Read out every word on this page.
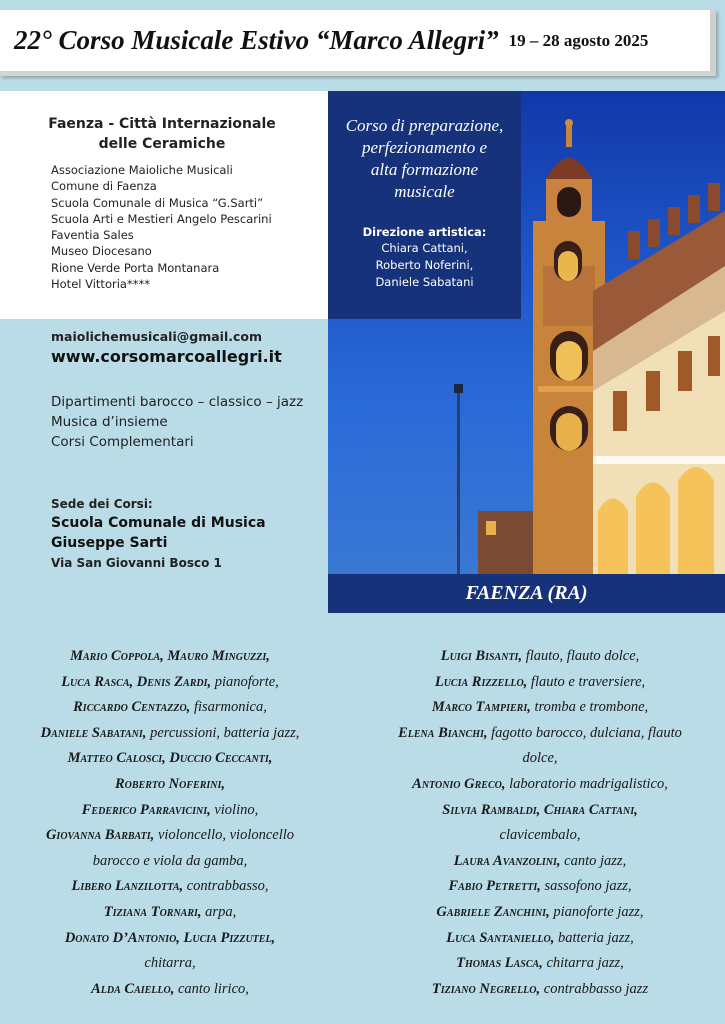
22° Corso Musicale Estivo “Marco Allegri” 19 – 28 agosto 2025
Faenza - Città Internazionale
delle Ceramiche
Associazione Maioliche Musicali
Comune di Faenza
Scuola Comunale di Musica “G.Sarti”
Scuola Arti e Mestieri Angelo Pescarini
Faventia Sales
Museo Diocesano
Rione Verde Porta Montanara
Hotel Vittoria****
maiolichemusicali@gmail.com
www.corsomarcoallegri.it
Dipartimenti barocco – classico – jazz
Musica d’insieme
Corsi Complementari
Sede dei Corsi:
Scuola Comunale di Musica
Giuseppe Sarti
Via San Giovanni Bosco 1
Corso di preparazione,
perfezionamento e
alta formazione
musicale
Direzione artistica:
Chiara Cattani,
Roberto Noferini,
Daniele Sabatani
FAENZA (RA)
Mario Coppola, Mauro Minguzzi,
Luca Rasca, Denis Zardi, pianoforte,
Riccardo Centazzo, fisarmonica,
Daniele Sabatani, percussioni, batteria jazz,
Matteo Calosci, Duccio Ceccanti,
Roberto Noferini,
Federico Parravicini, violino,
Giovanna Barbati, violoncello, violoncello
barocco e viola da gamba,
Libero Lanzilotta, contrabbasso,
Tiziana Tornari, arpa,
Donato D’Antonio, Lucia Pizzutel,
chitarra,
Alda Caiello, canto lirico,
Luigi Bisanti, flauto, flauto dolce,
Lucia Rizzello, flauto e traversiere,
Marco Tampieri, tromba e trombone,
Elena Bianchi, fagotto barocco, dulciana, flauto
dolce,
Antonio Greco, laboratorio madrigalistico,
Silvia Rambaldi, Chiara Cattani,
clavicembalo,
Laura Avanzolini, canto jazz,
Fabio Petretti, sassofono jazz,
Gabriele Zanchini, pianoforte jazz,
Luca Santaniello, batteria jazz,
Thomas Lasca, chitarra jazz,
Tiziano Negrello, contrabbasso jazz
